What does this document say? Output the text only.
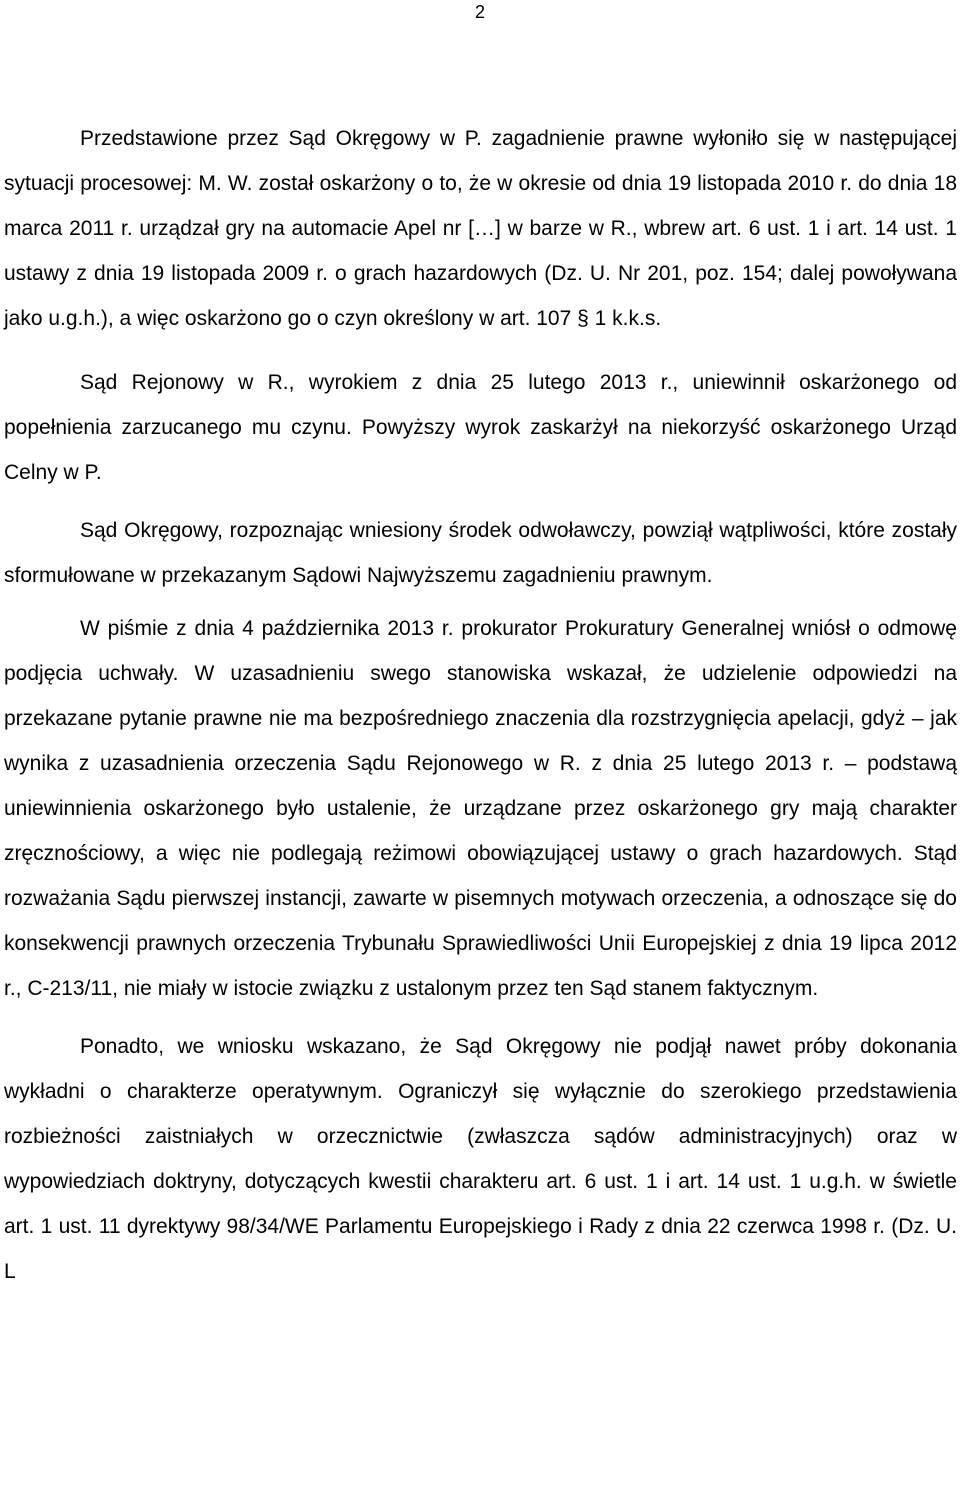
2

Przedstawione przez Sąd Okręgowy w P. zagadnienie prawne wyłoniło się w następującej sytuacji procesowej: M. W. został oskarżony o to, że w okresie od dnia 19 listopada 2010 r. do dnia 18 marca 2011 r. urządzał gry na automacie Apel nr […] w barze w R., wbrew art. 6 ust. 1 i art. 14 ust. 1 ustawy z dnia 19 listopada 2009 r. o grach hazardowych (Dz. U. Nr 201, poz. 154; dalej powoływana jako u.g.h.), a więc oskarżono go o czyn określony w art. 107 § 1 k.k.s.

Sąd Rejonowy w R., wyrokiem z dnia 25 lutego 2013 r., uniewinnił oskarżonego od popełnienia zarzucanego mu czynu. Powyższy wyrok zaskarżył na niekorzyść oskarżonego Urząd Celny w P.

Sąd Okręgowy, rozpoznając wniesiony środek odwoławczy, powziął wątpliwości, które zostały sformułowane w przekazanym Sądowi Najwyższemu zagadnieniu prawnym.

W piśmie z dnia 4 października 2013 r. prokurator Prokuratury Generalnej wniósł o odmowę podjęcia uchwały. W uzasadnieniu swego stanowiska wskazał, że udzielenie odpowiedzi na przekazane pytanie prawne nie ma bezpośredniego znaczenia dla rozstrzygnięcia apelacji, gdyż – jak wynika z uzasadnienia orzeczenia Sądu Rejonowego w R. z dnia 25 lutego 2013 r. – podstawą uniewinnienia oskarżonego było ustalenie, że urządzane przez oskarżonego gry mają charakter zręcznościowy, a więc nie podlegają reżimowi obowiązującej ustawy o grach hazardowych. Stąd rozważania Sądu pierwszej instancji, zawarte w pisemnych motywach orzeczenia, a odnoszące się do konsekwencji prawnych orzeczenia Trybunału Sprawiedliwości Unii Europejskiej z dnia 19 lipca 2012 r., C-213/11, nie miały w istocie związku z ustalonym przez ten Sąd stanem faktycznym.

Ponadto, we wniosku wskazano, że Sąd Okręgowy nie podjął nawet próby dokonania wykładni o charakterze operatywnym. Ograniczył się wyłącznie do szerokiego przedstawienia rozbieżności zaistniałych w orzecznictwie (zwłaszcza sądów administracyjnych) oraz w wypowiedziach doktryny, dotyczących kwestii charakteru art. 6 ust. 1 i art. 14 ust. 1 u.g.h. w świetle art. 1 ust. 11 dyrektywy 98/34/WE Parlamentu Europejskiego i Rady z dnia 22 czerwca 1998 r. (Dz. U. L
